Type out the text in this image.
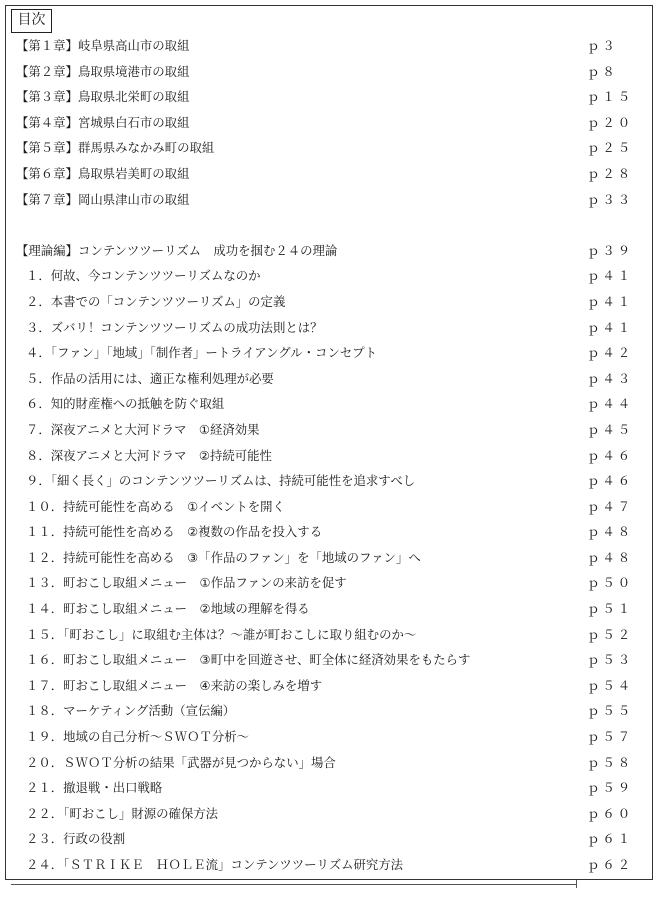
目次
【第１章】岐阜県高山市の取組	ｐ３
【第２章】鳥取県境港市の取組	ｐ８
【第３章】鳥取県北栄町の取組	ｐ１５
【第４章】宮城県白石市の取組	ｐ２０
【第５章】群馬県みなかみ町の取組	ｐ２５
【第６章】鳥取県岩美町の取組	ｐ２８
【第７章】岡山県津山市の取組	ｐ３３
【理論編】コンテンツツーリズム　成功を掴む２４の理論	ｐ３９
１．何故、今コンテンツツーリズムなのか	ｐ４１
２．本書での「コンテンツツーリズム」の定義	ｐ４１
３．ズバリ！コンテンツツーリズムの成功法則とは？	ｐ４１
４．「ファン」「地域」「制作者」ートライアングル・コンセプト	ｐ４２
５．作品の活用には、適正な権利処理が必要	ｐ４３
６．知的財産権への抵触を防ぐ取組	ｐ４４
７．深夜アニメと大河ドラマ　①経済効果	ｐ４５
８．深夜アニメと大河ドラマ　②持続可能性	ｐ４６
９．「細く長く」のコンテンツツーリズムは、持続可能性を追求すべし	ｐ４６
１０．持続可能性を高める　①イベントを開く	ｐ４７
１１．持続可能性を高める　②複数の作品を投入する	ｐ４８
１２．持続可能性を高める　③「作品のファン」を「地域のファン」へ	ｐ４８
１３．町おこし取組メニュー　①作品ファンの来訪を促す	ｐ５０
１４．町おこし取組メニュー　②地域の理解を得る	ｐ５１
１５．「町おこし」に取組む主体は？～誰が町おこしに取り組むのか～	ｐ５２
１６．町おこし取組メニュー　③町中を回遊させ、町全体に経済効果をもたらす	ｐ５３
１７．町おこし取組メニュー　④来訪の楽しみを増す	ｐ５４
１８．マーケティング活動（宣伝編）	ｐ５５
１９．地域の自己分析～ＳＷＯＴ分析～	ｐ５７
２０．ＳＷＯＴ分析の結果「武器が見つからない」場合	ｐ５８
２１．撤退戦・出口戦略	ｐ５９
２２．「町おこし」財源の確保方法	ｐ６０
２３．行政の役割	ｐ６１
２４．「ＳＴＲＩＫＥ　ＨＯＬＥ流」コンテンツツーリズム研究方法	ｐ６２
